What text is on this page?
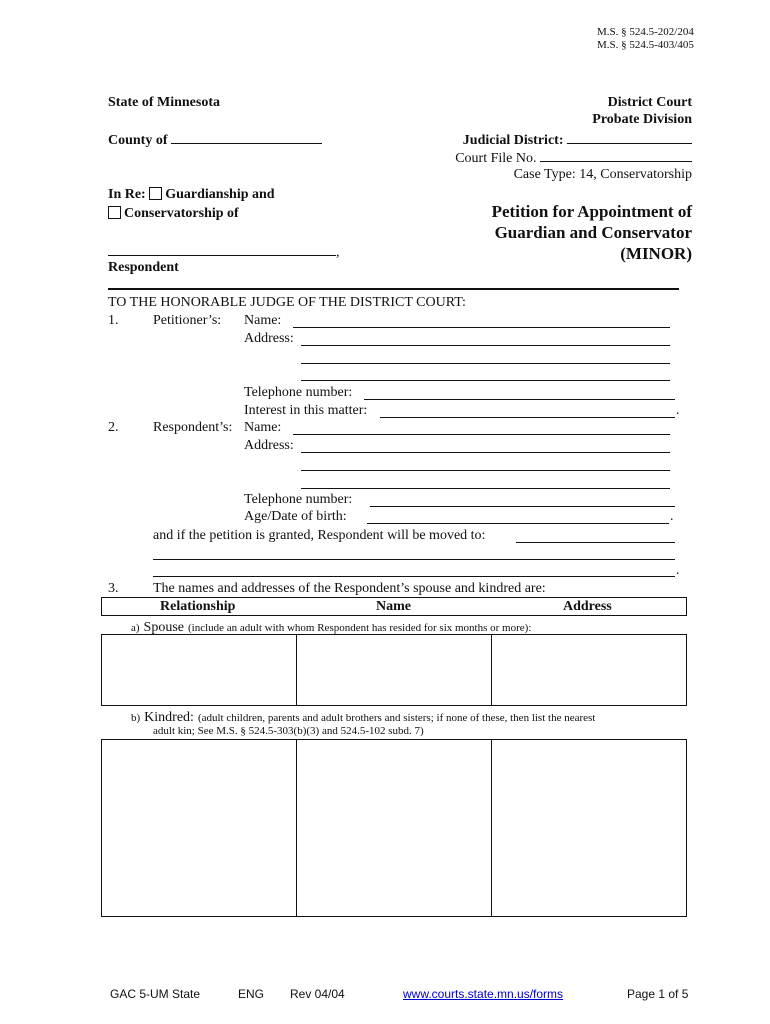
M.S. § 524.5-202/204
M.S. § 524.5-403/405
State of Minnesota
County of
In Re: Guardianship and
Conservatorship of
,
Respondent
District Court
Probate Division
Judicial District:
Court File No.
Case Type: 14, Conservatorship
Petition for Appointment of
Guardian and Conservator
(MINOR)
TO THE HONORABLE JUDGE OF THE DISTRICT COURT:
1. Petitioner’s: Name:
Address:
Telephone number:
Interest in this matter:	.
2. Respondent’s: Name:
Address:
Telephone number:
Age/Date of birth:	.
and if the petition is granted, Respondent will be moved to:
.
3. The names and addresses of the Respondent’s spouse and kindred are:
Relationship	Name	Address
a) Spouse (include an adult with whom Respondent has resided for six months or more):
b) Kindred: (adult children, parents and adult brothers and sisters; if none of these, then list the nearest
adult kin; See M.S. § 524.5-303(b)(3) and 524.5-102 subd. 7)
GAC 5-UM State	ENG Rev 04/04	www.courts.state.mn.us/forms	Page 1 of 5
